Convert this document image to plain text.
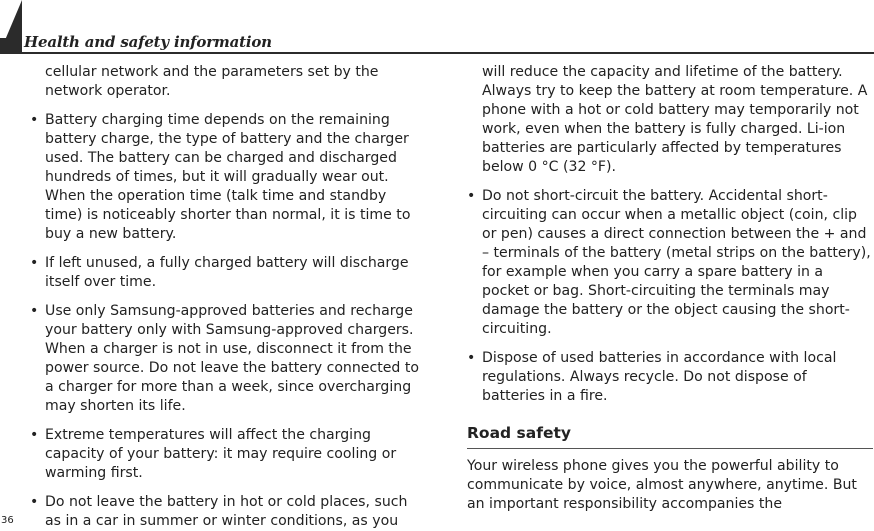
Health and safety information

cellular network and the parameters set by the network operator.

• Battery charging time depends on the remaining battery charge, the type of battery and the charger used. The battery can be charged and discharged hundreds of times, but it will gradually wear out. When the operation time (talk time and standby time) is noticeably shorter than normal, it is time to buy a new battery.
• If left unused, a fully charged battery will discharge itself over time.
• Use only Samsung-approved batteries and recharge your battery only with Samsung-approved chargers. When a charger is not in use, disconnect it from the power source. Do not leave the battery connected to a charger for more than a week, since overcharging may shorten its life.
• Extreme temperatures will affect the charging capacity of your battery: it may require cooling or warming first.
• Do not leave the battery in hot or cold places, such as in a car in summer or winter conditions, as you

will reduce the capacity and lifetime of the battery. Always try to keep the battery at room temperature. A phone with a hot or cold battery may temporarily not work, even when the battery is fully charged. Li-ion batteries are particularly affected by temperatures below 0 °C (32 °F).

• Do not short-circuit the battery. Accidental short-circuiting can occur when a metallic object (coin, clip or pen) causes a direct connection between the + and – terminals of the battery (metal strips on the battery), for example when you carry a spare battery in a pocket or bag. Short-circuiting the terminals may damage the battery or the object causing the short-circuiting.
• Dispose of used batteries in accordance with local regulations. Always recycle. Do not dispose of batteries in a fire.
Road safety

Your wireless phone gives you the powerful ability to communicate by voice, almost anywhere, anytime. But an important responsibility accompanies the

36
